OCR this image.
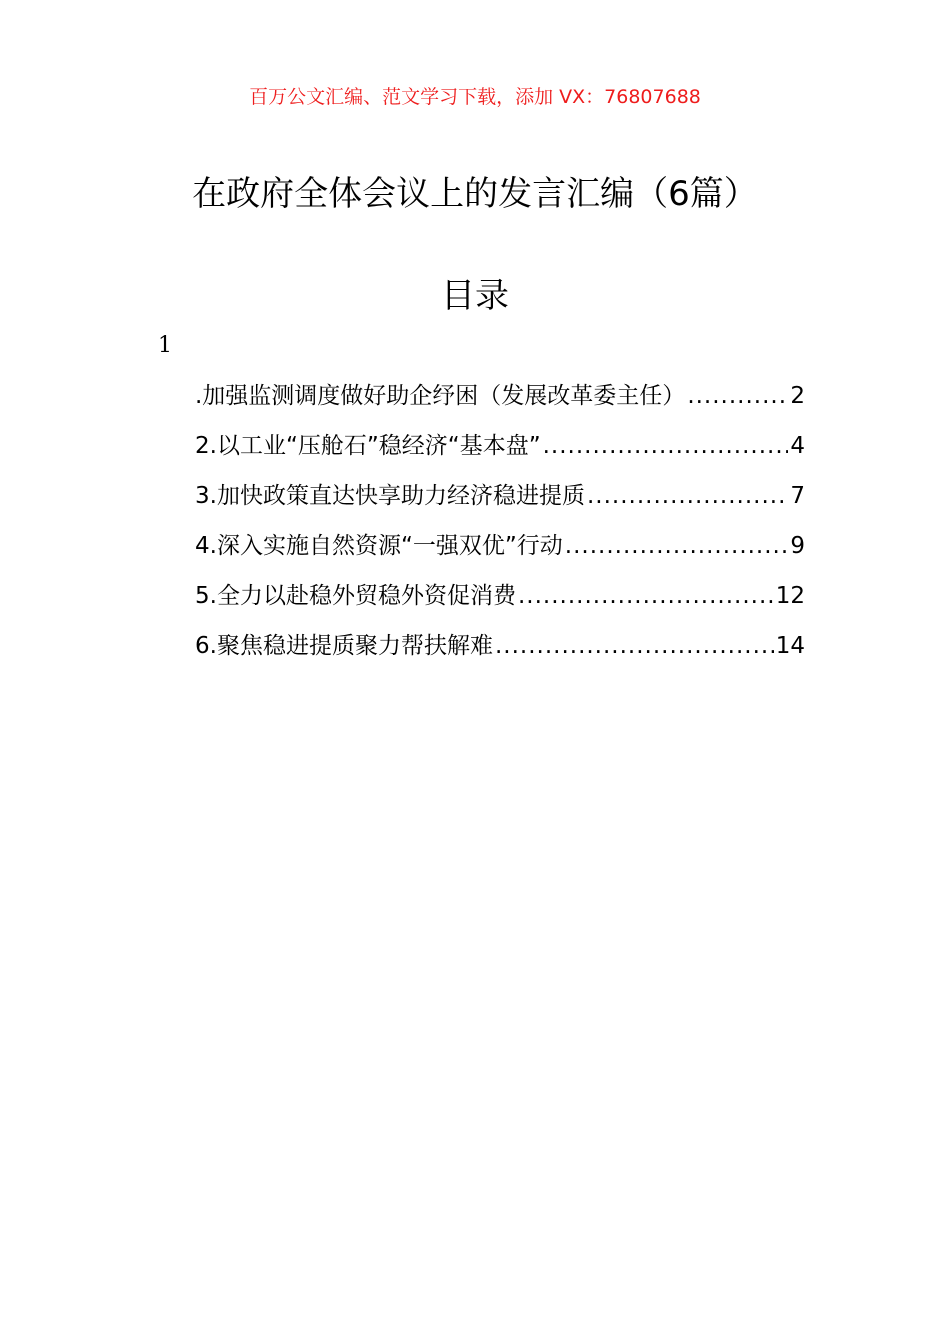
百万公文汇编、范文学习下载，添加 VX：76807688
在政府全体会议上的发言汇编（6篇）
目录
1
.加强监测调度做好助企纾困（发展改革委主任） .....	2
2.以工业“压舱石”稳经济“基本盘” .....	4
3.加快政策直达快享助力经济稳进提质 .....	7
4.深入实施自然资源“一强双优”行动 .....	9
5.全力以赴稳外贸稳外资促消费 .....	12
6.聚焦稳进提质聚力帮扶解难 .....	14
